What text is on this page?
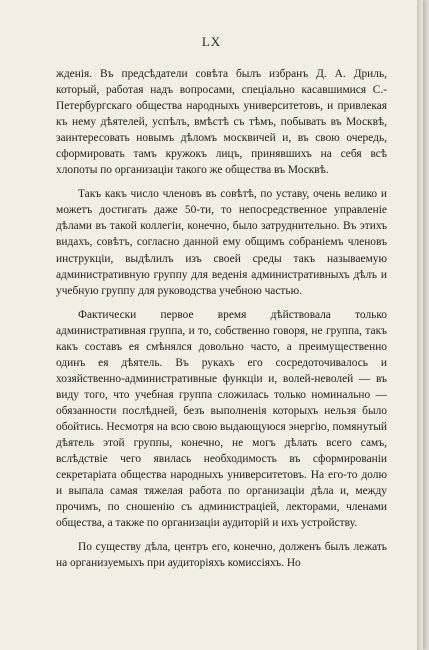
LX

жденія. Въ предсѣдатели совѣта былъ избранъ Д. А. Дриль, который, работая надъ вопросами, спеціально касавшимися С.-Петербургскаго общества народныхъ университетовъ, и привлекая къ нему дѣятелей, успѣлъ, вмѣстѣ съ тѣмъ, побывать въ Москвѣ, заинтересовать новымъ дѣломъ москвичей и, въ свою очередь, сформировать тамъ кружокъ лицъ, принявшихъ на себя всѣ хлопоты по организаціи такого же общества въ Москвѣ.

Такъ какъ число членовъ въ совѣтѣ, по уставу, очень велико и можетъ достигать даже 50-ти, то непосредственное управленіе дѣлами въ такой коллегіи, конечно, было затруднительно. Въ этихъ видахъ, совѣтъ, согласно данной ему общимъ собраніемъ членовъ инструкціи, выдѣлилъ изъ своей среды такъ называемую административную группу для веденія административныхъ дѣлъ и учебную группу для руководства учебною частью.

Фактически первое время дѣйствовала только административная группа, и то, собственно говоря, не группа, такъ какъ составъ ея смѣнялся довольно часто, а преимущественно одинъ ея дѣятель. Въ рукахъ его сосредоточивалось и хозяйственно-административные функціи и, волей-неволей — въ виду того, что учебная группа сложилась только номинально — обязанности послѣдней, безъ выполненія которыхъ нельзя было обойтись. Несмотря на всю свою выдающуюся энергію, помянутый дѣятель этой группы, конечно, не могъ дѣлать всего самъ, вслѣдствіе чего явилась необходимость въ сформированіи секретаріата общества народныхъ университетовъ. На его-то долю и выпала самая тяжелая работа по организаціи дѣла и, между прочимъ, по сношенію съ администраціей, лекторами, членами общества, а также по организаціи аудиторій и ихъ устройству.

По существу дѣла, центръ его, конечно, долженъ былъ лежать на организуемыхъ при аудиторіяхъ комиссіяхъ. Но
